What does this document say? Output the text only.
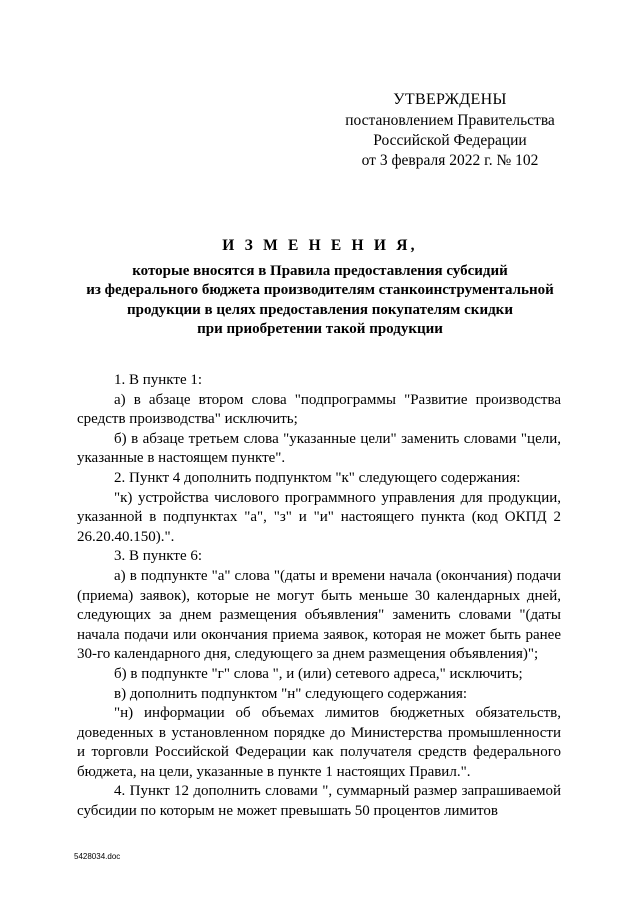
УТВЕРЖДЕНЫ
постановлением Правительства
Российской Федерации
от 3 февраля 2022 г. № 102
И З М Е Н Е Н И Я,
которые вносятся в Правила предоставления субсидий
из федерального бюджета производителям станкоинструментальной
продукции в целях предоставления покупателям скидки
при приобретении такой продукции

1. В пункте 1:

а) в абзаце втором слова "подпрограммы "Развитие производства средств производства" исключить;

б) в абзаце третьем слова "указанные цели" заменить словами "цели, указанные в настоящем пункте".

2. Пункт 4 дополнить подпунктом "к" следующего содержания:

"к) устройства числового программного управления для продукции, указанной в подпунктах "а", "з" и "и" настоящего пункта (код ОКПД 2 26.20.40.150).".

3. В пункте 6:

а) в подпункте "а" слова "(даты и времени начала (окончания) подачи (приема) заявок), которые не могут быть меньше 30 календарных дней, следующих за днем размещения объявления" заменить словами "(даты начала подачи или окончания приема заявок, которая не может быть ранее 30-го календарного дня, следующего за днем размещения объявления)";

б) в подпункте "г" слова ", и (или) сетевого адреса," исключить;

в) дополнить подпунктом "н" следующего содержания:

"н) информации об объемах лимитов бюджетных обязательств, доведенных в установленном порядке до Министерства промышленности и торговли Российской Федерации как получателя средств федерального бюджета, на цели, указанные в пункте 1 настоящих Правил.".

4. Пункт 12 дополнить словами ", суммарный размер запрашиваемой субсидии по которым не может превышать 50 процентов лимитов

5428034.doc
